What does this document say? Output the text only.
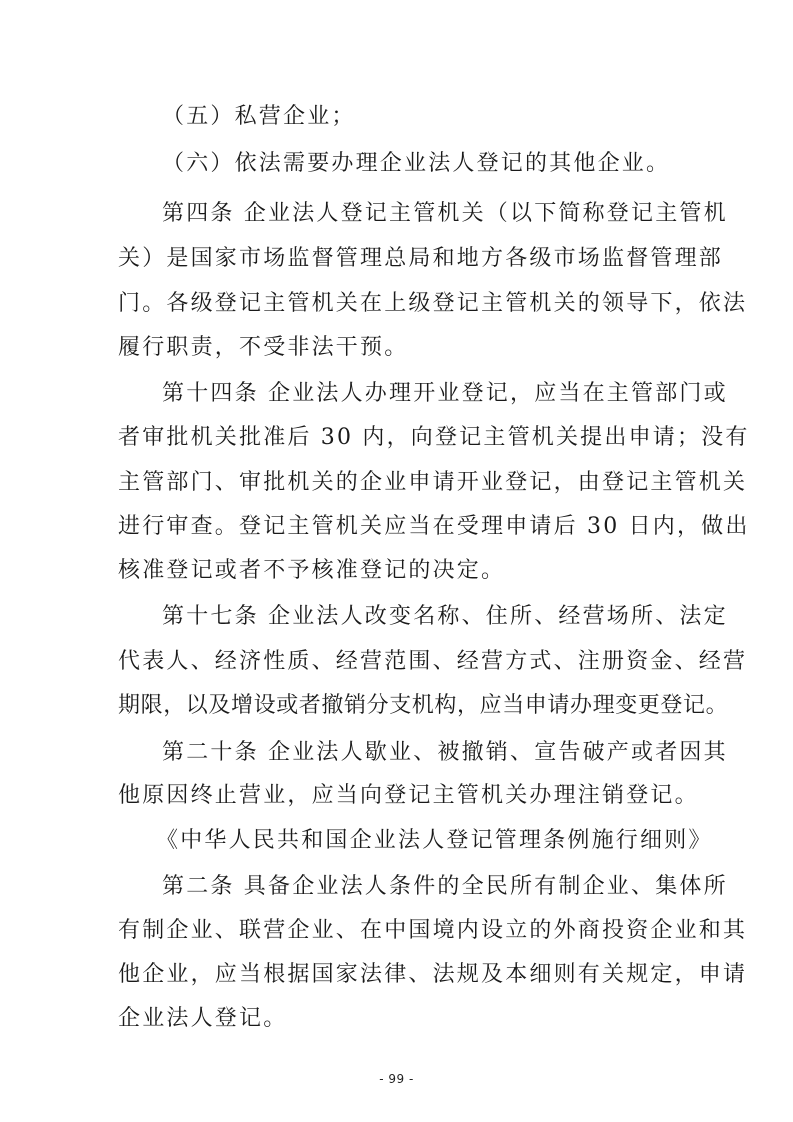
（五）私营企业；
（六）依法需要办理企业法人登记的其他企业。
第四条 企业法人登记主管机关（以下简称登记主管机
关）是国家市场监督管理总局和地方各级市场监督管理部
门。各级登记主管机关在上级登记主管机关的领导下，依法
履行职责，不受非法干预。
第十四条 企业法人办理开业登记，应当在主管部门或
者审批机关批准后 30 内，向登记主管机关提出申请；没有
主管部门、审批机关的企业申请开业登记，由登记主管机关
进行审查。登记主管机关应当在受理申请后 30 日内，做出
核准登记或者不予核准登记的决定。
第十七条 企业法人改变名称、住所、经营场所、法定
代表人、经济性质、经营范围、经营方式、注册资金、经营
期限，以及增设或者撤销分支机构，应当申请办理变更登记。
第二十条 企业法人歇业、被撤销、宣告破产或者因其
他原因终止营业，应当向登记主管机关办理注销登记。
《中华人民共和国企业法人登记管理条例施行细则》
第二条 具备企业法人条件的全民所有制企业、集体所
有制企业、联营企业、在中国境内设立的外商投资企业和其
他企业，应当根据国家法律、法规及本细则有关规定，申请
企业法人登记。
- 99 -
